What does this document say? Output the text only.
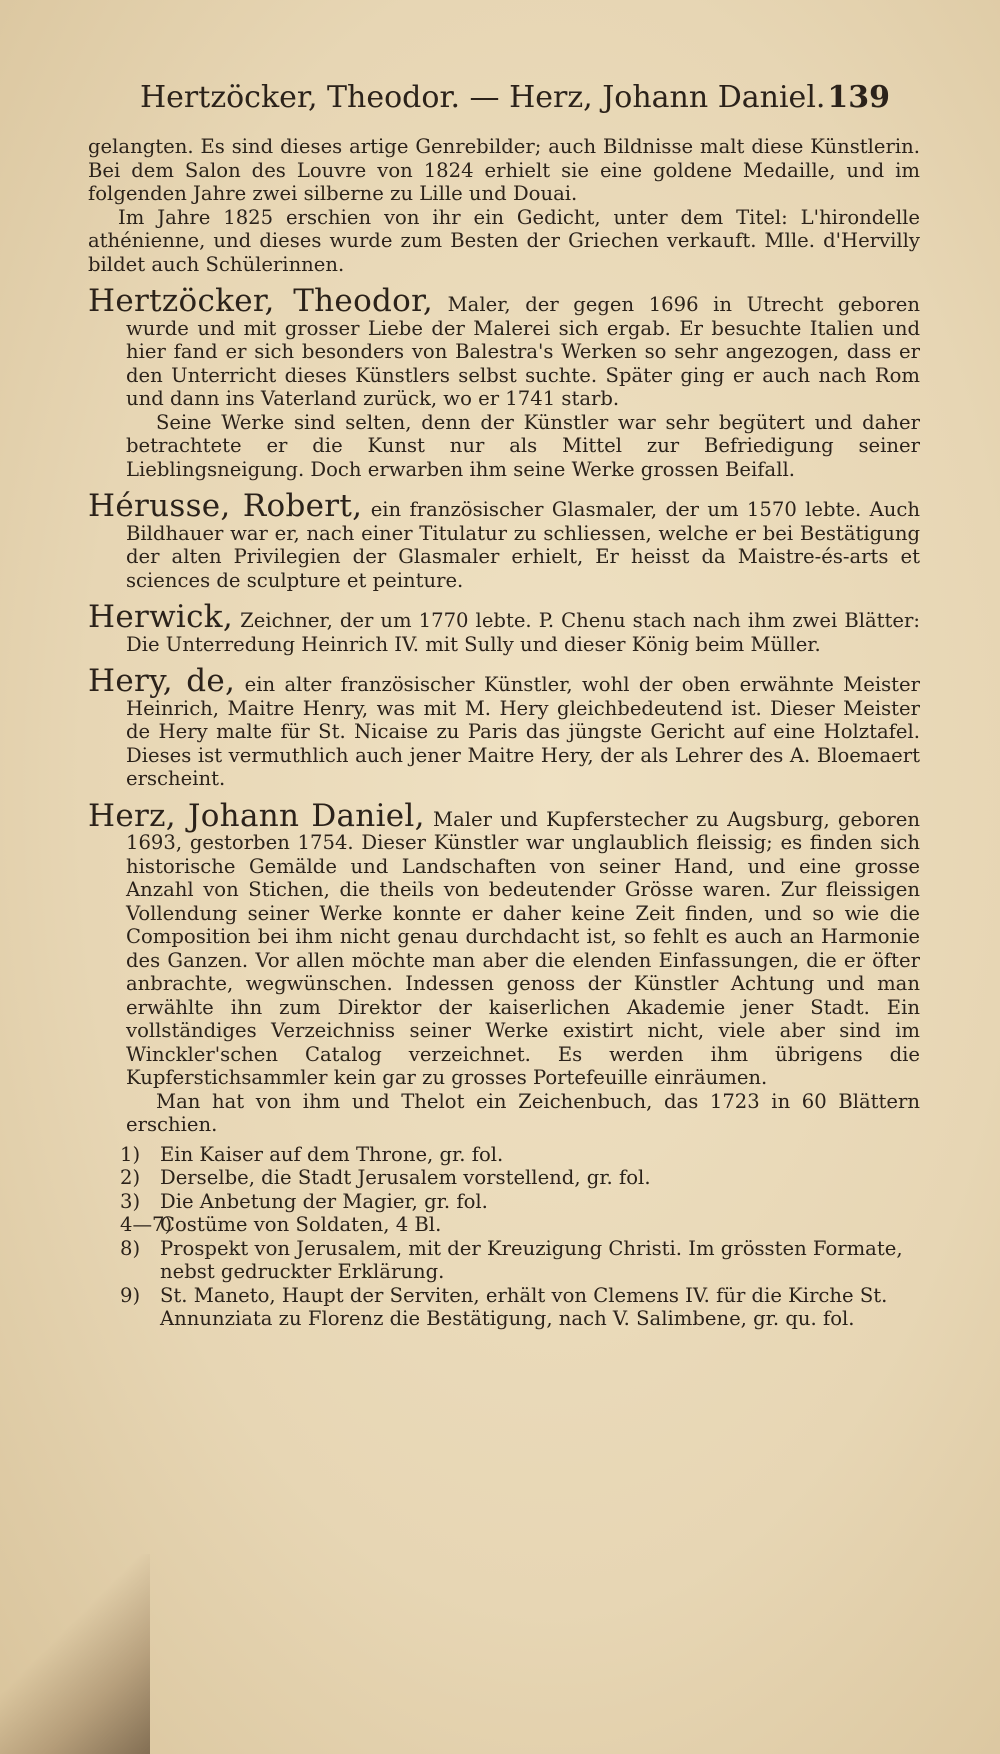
Hertzöcker, Theodor. — Herz, Johann Daniel. 139

gelangten. Es sind dieses artige Genrebilder; auch Bildnisse malt diese Künstlerin. Bei dem Salon des Louvre von 1824 erhielt sie eine goldene Medaille, und im folgenden Jahre zwei silberne zu Lille und Douai.

Im Jahre 1825 erschien von ihr ein Gedicht, unter dem Titel: L'hirondelle athénienne, und dieses wurde zum Besten der Griechen verkauft. Mlle. d'Hervilly bildet auch Schülerinnen.

Hertzöcker, Theodor, Maler, der gegen 1696 in Utrecht geboren wurde und mit grosser Liebe der Malerei sich ergab. Er besuchte Italien und hier fand er sich besonders von Balestra's Werken so sehr angezogen, dass er den Unterricht dieses Künstlers selbst suchte. Später ging er auch nach Rom und dann ins Vaterland zurück, wo er 1741 starb.

Seine Werke sind selten, denn der Künstler war sehr begütert und daher betrachtete er die Kunst nur als Mittel zur Befriedigung seiner Lieblingsneigung. Doch erwarben ihm seine Werke grossen Beifall.

Hérusse, Robert, ein französischer Glasmaler, der um 1570 lebte. Auch Bildhauer war er, nach einer Titulatur zu schliessen, welche er bei Bestätigung der alten Privilegien der Glasmaler erhielt, Er heisst da Maistre-és-arts et sciences de sculpture et peinture.

Herwick, Zeichner, der um 1770 lebte. P. Chenu stach nach ihm zwei Blätter: Die Unterredung Heinrich IV. mit Sully und dieser König beim Müller.

Hery, de, ein alter französischer Künstler, wohl der oben erwähnte Meister Heinrich, Maitre Henry, was mit M. Hery gleichbedeutend ist. Dieser Meister de Hery malte für St. Nicaise zu Paris das jüngste Gericht auf eine Holztafel. Dieses ist vermuthlich auch jener Maitre Hery, der als Lehrer des A. Bloemaert erscheint.

Herz, Johann Daniel, Maler und Kupferstecher zu Augsburg, geboren 1693, gestorben 1754. Dieser Künstler war unglaublich fleissig; es finden sich historische Gemälde und Landschaften von seiner Hand, und eine grosse Anzahl von Stichen, die theils von bedeutender Grösse waren. Zur fleissigen Vollendung seiner Werke konnte er daher keine Zeit finden, und so wie die Composition bei ihm nicht genau durchdacht ist, so fehlt es auch an Harmonie des Ganzen. Vor allen möchte man aber die elenden Einfassungen, die er öfter anbrachte, wegwünschen. Indessen genoss der Künstler Achtung und man erwählte ihn zum Direktor der kaiserlichen Akademie jener Stadt. Ein vollständiges Verzeichniss seiner Werke existirt nicht, viele aber sind im Winckler'schen Catalog verzeichnet. Es werden ihm übrigens die Kupferstichsammler kein gar zu grosses Portefeuille einräumen.

Man hat von ihm und Thelot ein Zeichenbuch, das 1723 in 60 Blättern erschien.

1) Ein Kaiser auf dem Throne, gr. fol.
2) Derselbe, die Stadt Jerusalem vorstellend, gr. fol.
3) Die Anbetung der Magier, gr. fol.
4—7)
Costüme von Soldaten, 4 Bl.
8) Prospekt von Jerusalem, mit der Kreuzigung Christi. Im grössten Formate, nebst gedruckter Erklärung.
9) St. Maneto, Haupt der Serviten, erhält von Clemens IV. für die Kirche St. Annunziata zu Florenz die Bestätigung, nach V. Salimbene, gr. qu. fol.
